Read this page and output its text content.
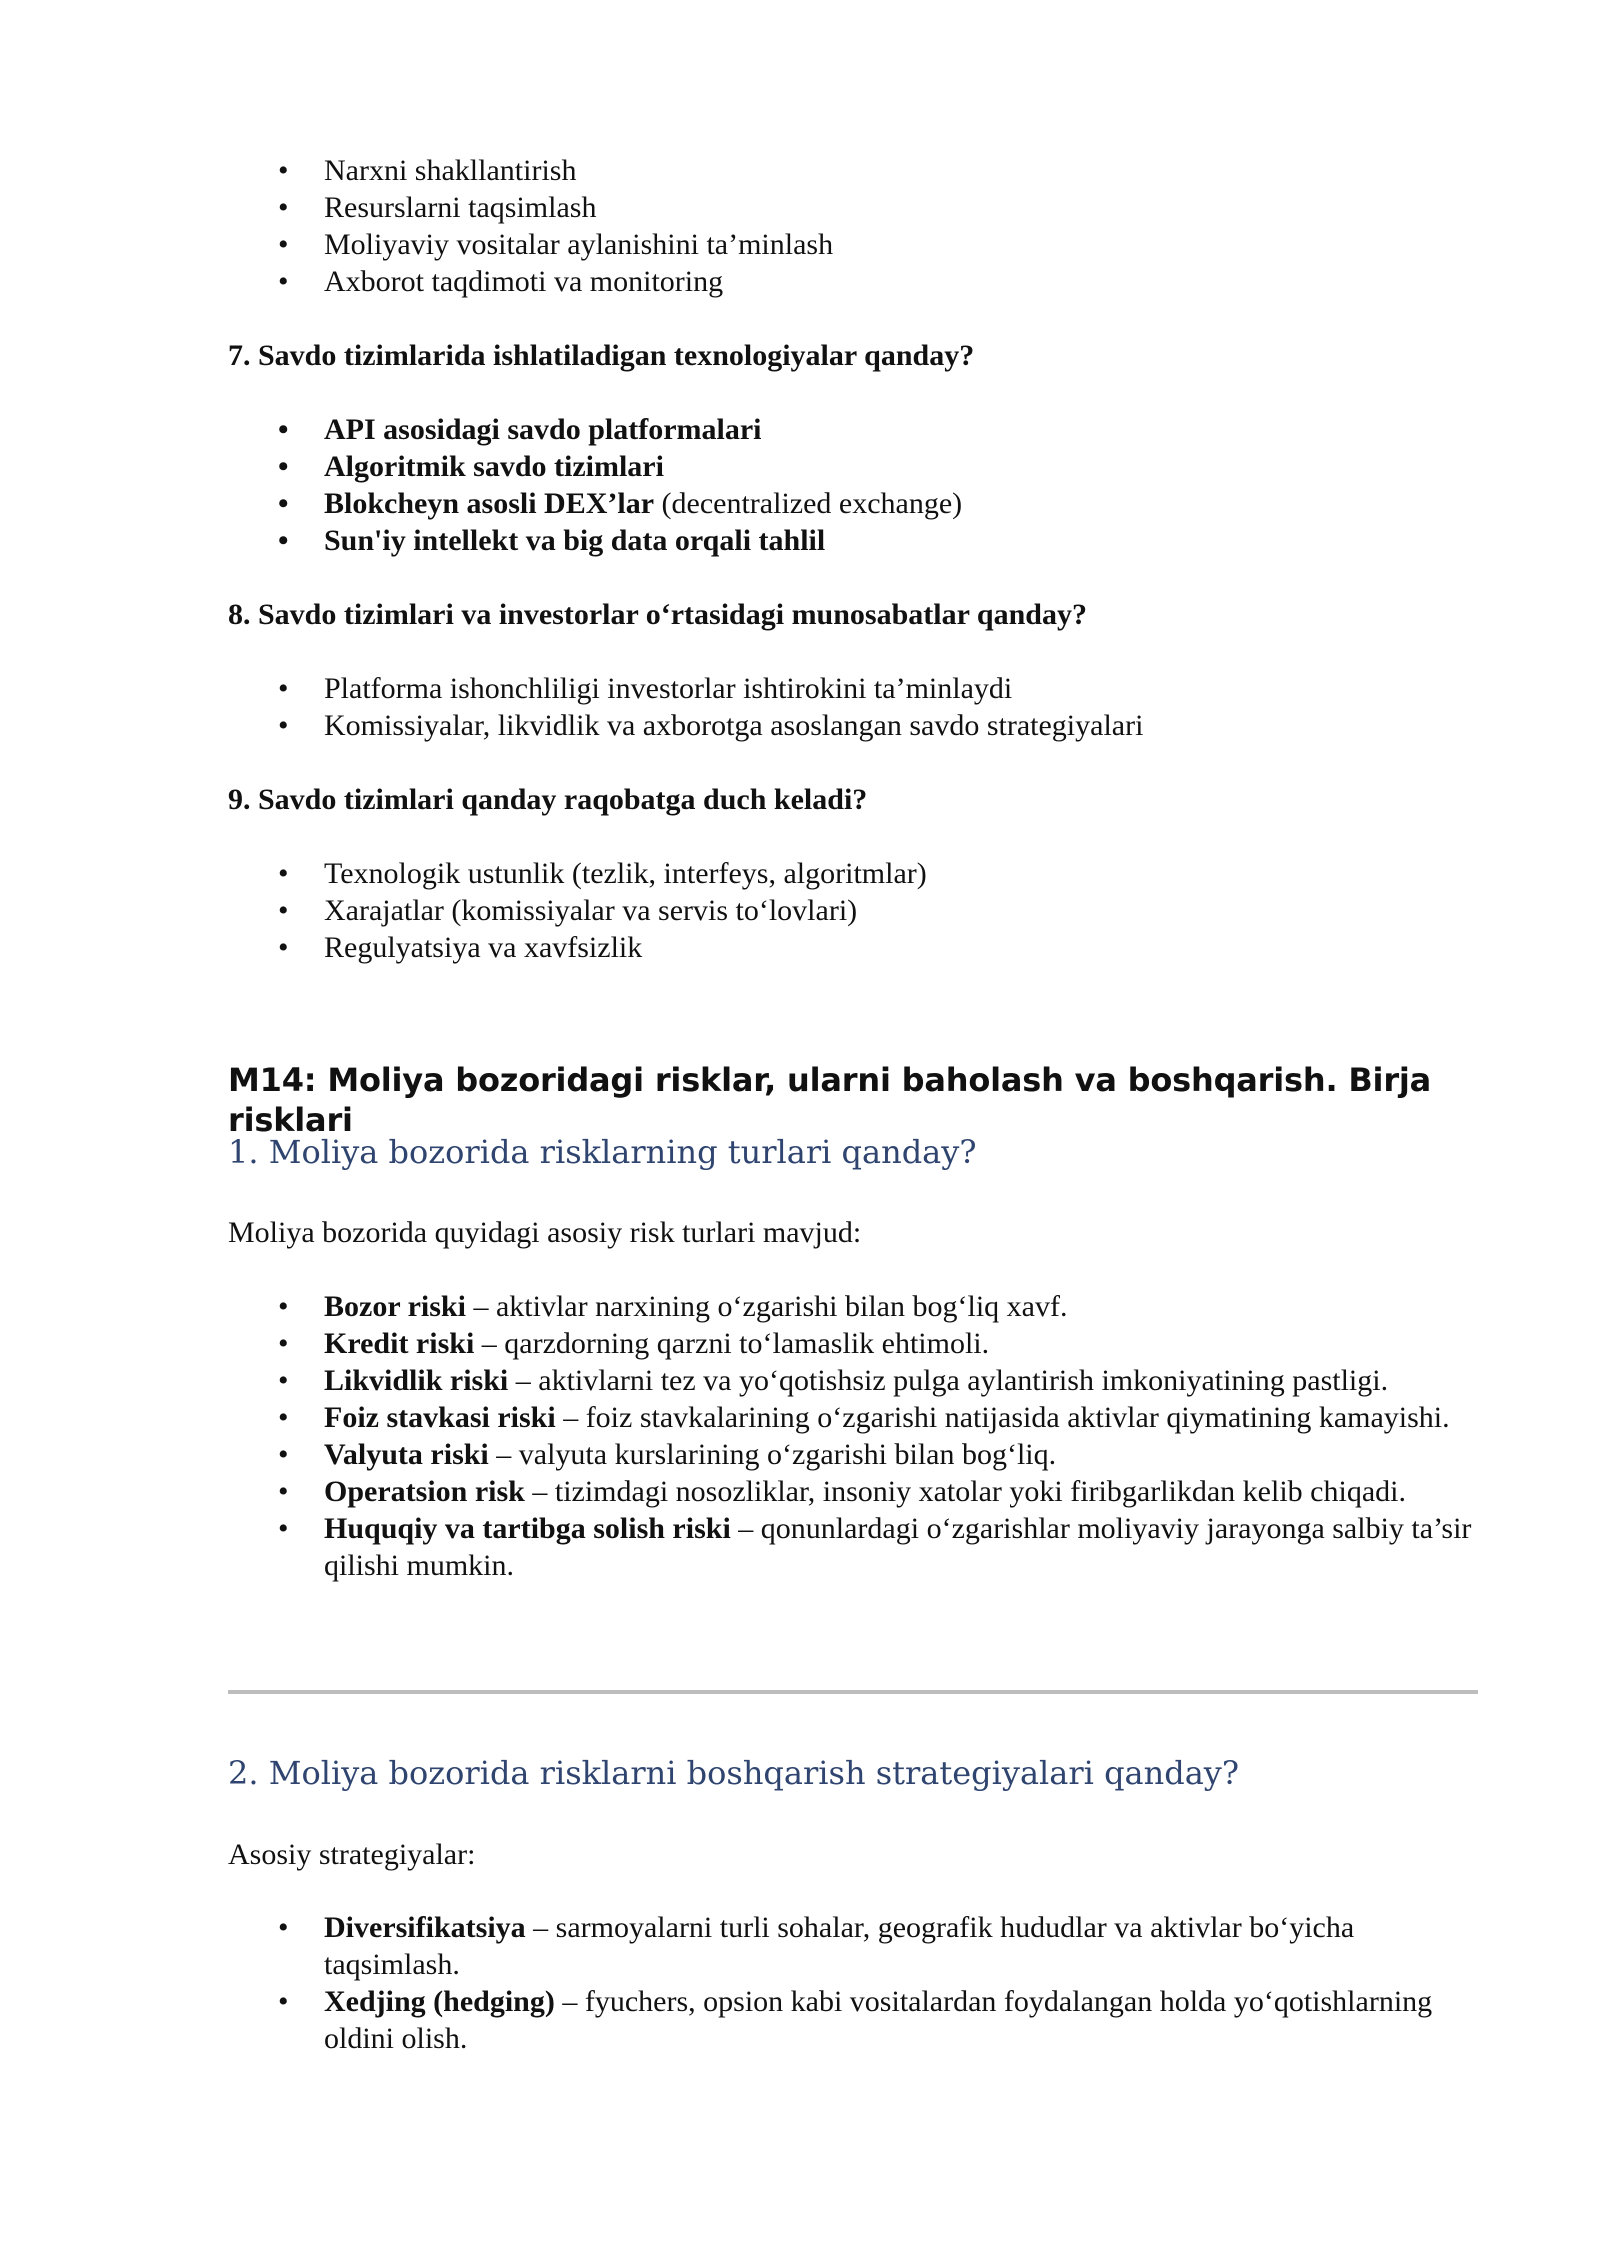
• Narxni shakllantirish
• Resurslarni taqsimlash
• Moliyaviy vositalar aylanishini ta’minlash
• Axborot taqdimoti va monitoring
7. Savdo tizimlarida ishlatiladigan texnologiyalar qanday?
• API asosidagi savdo platformalari
• Algoritmik savdo tizimlari
• Blokcheyn asosli DEX’lar (decentralized exchange)
• Sun'iy intellekt va big data orqali tahlil
8. Savdo tizimlari va investorlar o‘rtasidagi munosabatlar qanday?
• Platforma ishonchliligi investorlar ishtirokini ta’minlaydi
• Komissiyalar, likvidlik va axborotga asoslangan savdo strategiyalari
9. Savdo tizimlari qanday raqobatga duch keladi?
• Texnologik ustunlik (tezlik, interfeys, algoritmlar)
• Xarajatlar (komissiyalar va servis to‘lovlari)
• Regulyatsiya va xavfsizlik
M14: Moliya bozoridagi risklar, ularni baholash va boshqarish. Birja risklari
1. Moliya bozorida risklarning turlari qanday?
Moliya bozorida quyidagi asosiy risk turlari mavjud:
• Bozor riski – aktivlar narxining o‘zgarishi bilan bog‘liq xavf.
• Kredit riski – qarzdorning qarzni to‘lamaslik ehtimoli.
• Likvidlik riski – aktivlarni tez va yo‘qotishsiz pulga aylantirish imkoniyatining pastligi.
• Foiz stavkasi riski – foiz stavkalarining o‘zgarishi natijasida aktivlar qiymatining kamayishi.
• Valyuta riski – valyuta kurslarining o‘zgarishi bilan bog‘liq.
• Operatsion risk – tizimdagi nosozliklar, insoniy xatolar yoki firibgarlikdan kelib chiqadi.
• Huquqiy va tartibga solish riski – qonunlardagi o‘zgarishlar moliyaviy jarayonga salbiy ta’sir qilishi mumkin.
2. Moliya bozorida risklarni boshqarish strategiyalari qanday?
Asosiy strategiyalar:
• Diversifikatsiya – sarmoyalarni turli sohalar, geografik hududlar va aktivlar bo‘yicha taqsimlash.
• Xedjing (hedging) – fyuchers, opsion kabi vositalardan foydalangan holda yo‘qotishlarning oldini olish.
